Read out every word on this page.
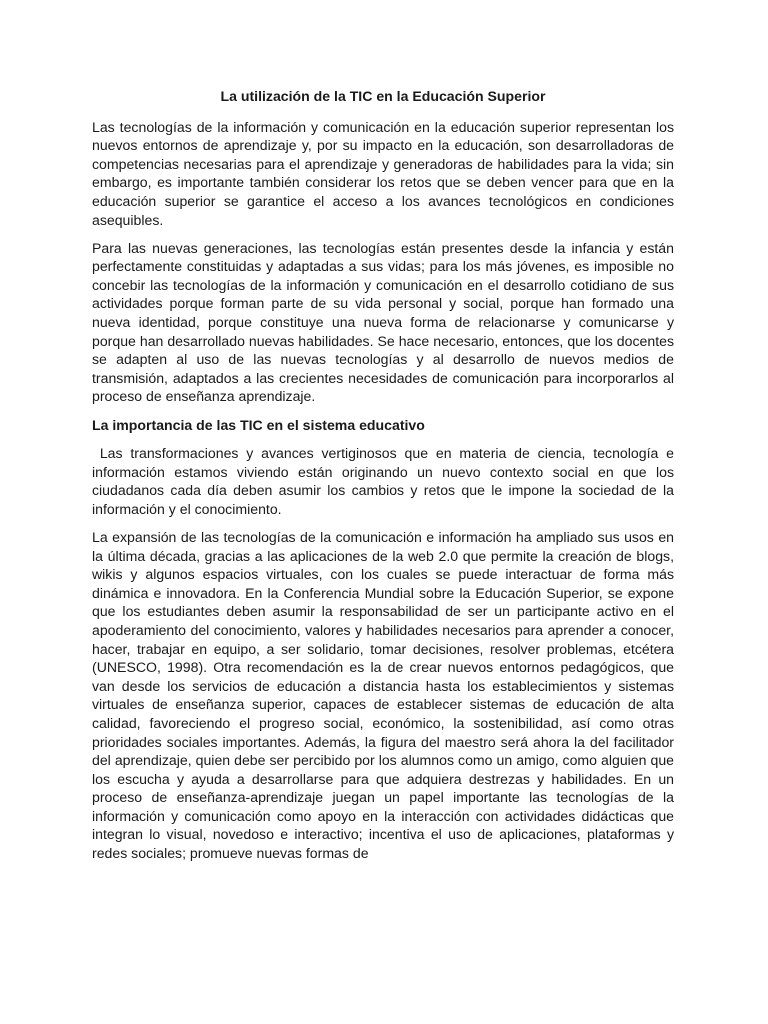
La utilización de la TIC en la Educación Superior

Las tecnologías de la información y comunicación en la educación superior representan los nuevos entornos de aprendizaje y, por su impacto en la educación, son desarrolladoras de competencias necesarias para el aprendizaje y generadoras de habilidades para la vida; sin embargo, es importante también considerar los retos que se deben vencer para que en la educación superior se garantice el acceso a los avances tecnológicos en condiciones asequibles.

Para las nuevas generaciones, las tecnologías están presentes desde la infancia y están perfectamente constituidas y adaptadas a sus vidas; para los más jóvenes, es imposible no concebir las tecnologías de la información y comunicación en el desarrollo cotidiano de sus actividades porque forman parte de su vida personal y social, porque han formado una nueva identidad, porque constituye una nueva forma de relacionarse y comunicarse y porque han desarrollado nuevas habilidades. Se hace necesario, entonces, que los docentes se adapten al uso de las nuevas tecnologías y al desarrollo de nuevos medios de transmisión, adaptados a las crecientes necesidades de comunicación para incorporarlos al proceso de enseñanza aprendizaje.

La importancia de las TIC en el sistema educativo

Las transformaciones y avances vertiginosos que en materia de ciencia, tecnología e información estamos viviendo están originando un nuevo contexto social en que los ciudadanos cada día deben asumir los cambios y retos que le impone la sociedad de la información y el conocimiento.

La expansión de las tecnologías de la comunicación e información ha ampliado sus usos en la última década, gracias a las aplicaciones de la web 2.0 que permite la creación de blogs, wikis y algunos espacios virtuales, con los cuales se puede interactuar de forma más dinámica e innovadora. En la Conferencia Mundial sobre la Educación Superior, se expone que los estudiantes deben asumir la responsabilidad de ser un participante activo en el apoderamiento del conocimiento, valores y habilidades necesarios para aprender a conocer, hacer, trabajar en equipo, a ser solidario, tomar decisiones, resolver problemas, etcétera (UNESCO, 1998). Otra recomendación es la de crear nuevos entornos pedagógicos, que van desde los servicios de educación a distancia hasta los establecimientos y sistemas virtuales de enseñanza superior, capaces de establecer sistemas de educación de alta calidad, favoreciendo el progreso social, económico, la sostenibilidad, así como otras prioridades sociales importantes. Además, la figura del maestro será ahora la del facilitador del aprendizaje, quien debe ser percibido por los alumnos como un amigo, como alguien que los escucha y ayuda a desarrollarse para que adquiera destrezas y habilidades. En un proceso de enseñanza-aprendizaje juegan un papel importante las tecnologías de la información y comunicación como apoyo en la interacción con actividades didácticas que integran lo visual, novedoso e interactivo; incentiva el uso de aplicaciones, plataformas y redes sociales; promueve nuevas formas de
